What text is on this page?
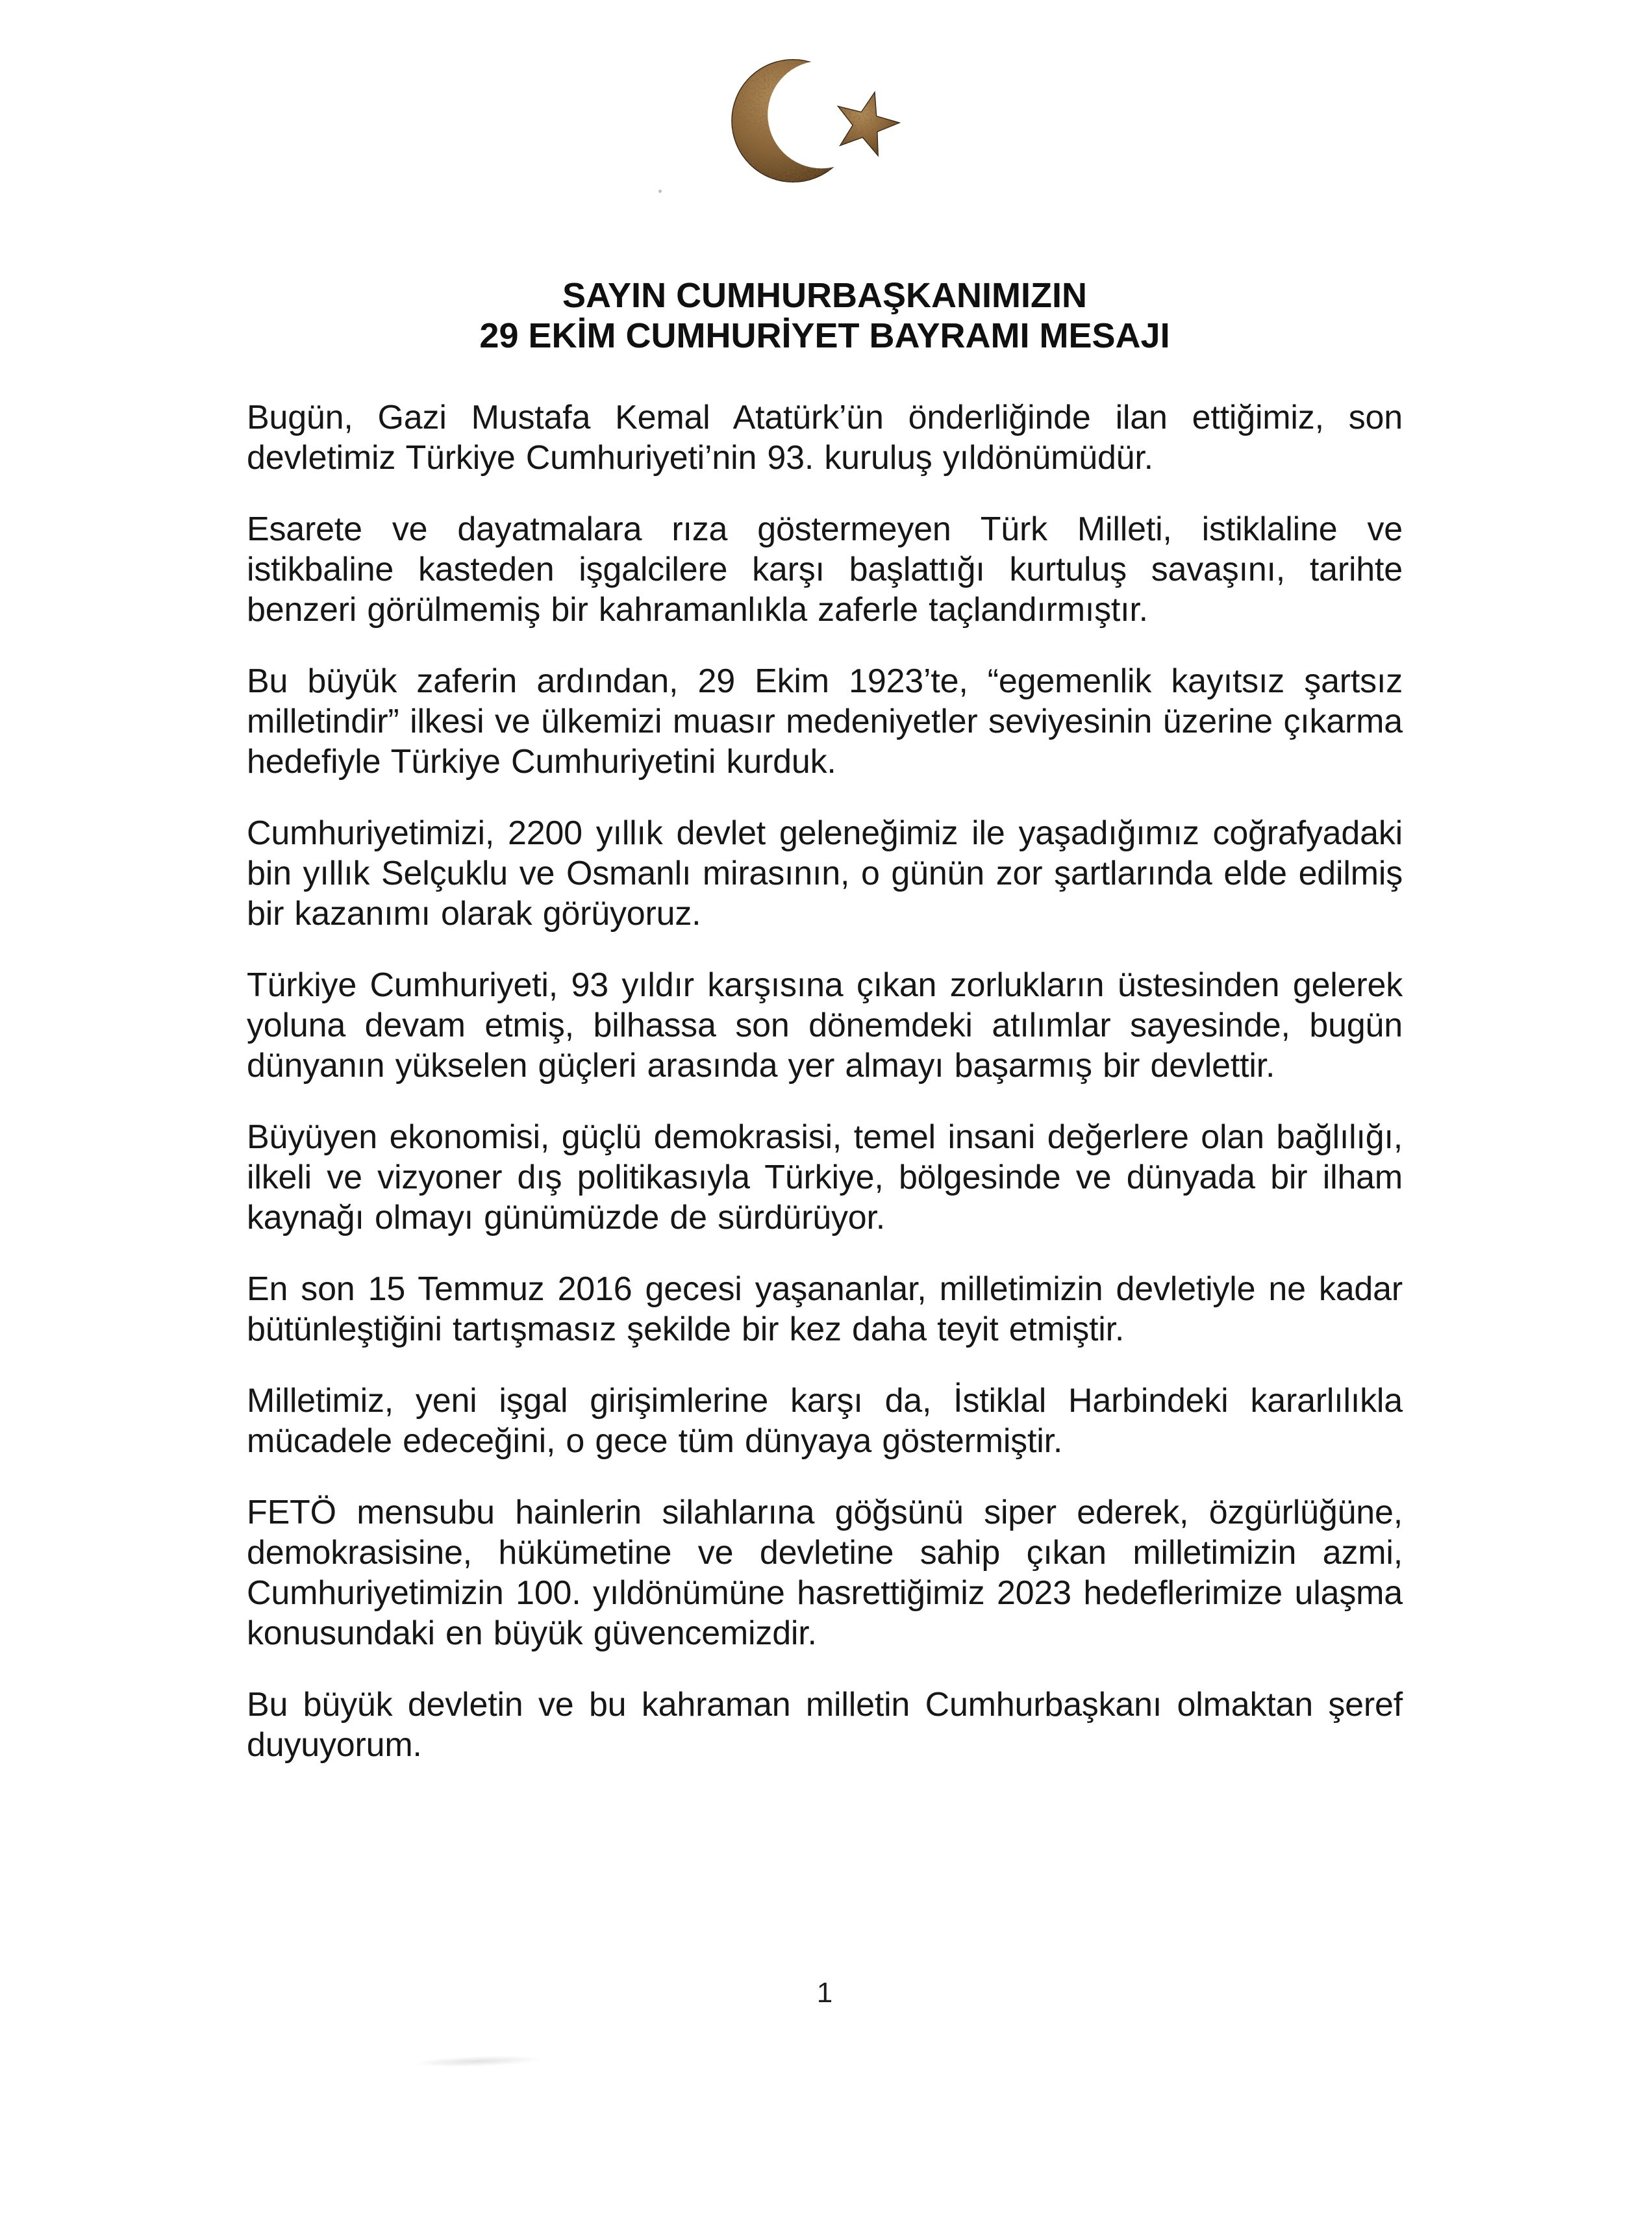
SAYIN CUMHURBAŞKANIMIZIN
29 EKİM CUMHURİYET BAYRAMI MESAJI

Bugün, Gazi Mustafa Kemal Atatürk’ün önderliğinde ilan ettiğimiz, son devletimiz Türkiye Cumhuriyeti’nin 93. kuruluş yıldönümüdür.

Esarete ve dayatmalara rıza göstermeyen Türk Milleti, istiklaline ve istikbaline kasteden işgalcilere karşı başlattığı kurtuluş savaşını, tarihte benzeri görülmemiş bir kahramanlıkla zaferle taçlandırmıştır.

Bu büyük zaferin ardından, 29 Ekim 1923’te, “egemenlik kayıtsız şartsız milletindir” ilkesi ve ülkemizi muasır medeniyetler seviyesinin üzerine çıkarma hedefiyle Türkiye Cumhuriyetini kurduk.

Cumhuriyetimizi, 2200 yıllık devlet geleneğimiz ile yaşadığımız coğrafyadaki bin yıllık Selçuklu ve Osmanlı mirasının, o günün zor şartlarında elde edilmiş bir kazanımı olarak görüyoruz.

Türkiye Cumhuriyeti, 93 yıldır karşısına çıkan zorlukların üstesinden gelerek yoluna devam etmiş, bilhassa son dönemdeki atılımlar sayesinde, bugün dünyanın yükselen güçleri arasında yer almayı başarmış bir devlettir.

Büyüyen ekonomisi, güçlü demokrasisi, temel insani değerlere olan bağlılığı, ilkeli ve vizyoner dış politikasıyla Türkiye, bölgesinde ve dünyada bir ilham kaynağı olmayı günümüzde de sürdürüyor.

En son 15 Temmuz 2016 gecesi yaşananlar, milletimizin devletiyle ne kadar bütünleştiğini tartışmasız şekilde bir kez daha teyit etmiştir.

Milletimiz, yeni işgal girişimlerine karşı da, İstiklal Harbindeki kararlılıkla mücadele edeceğini, o gece tüm dünyaya göstermiştir.

FETÖ mensubu hainlerin silahlarına göğsünü siper ederek, özgürlüğüne, demokrasisine, hükümetine ve devletine sahip çıkan milletimizin azmi, Cumhuriyetimizin 100. yıldönümüne hasrettiğimiz 2023 hedeflerimize ulaşma konusundaki en büyük güvencemizdir.

Bu büyük devletin ve bu kahraman milletin Cumhurbaşkanı olmaktan şeref duyuyorum.

1
